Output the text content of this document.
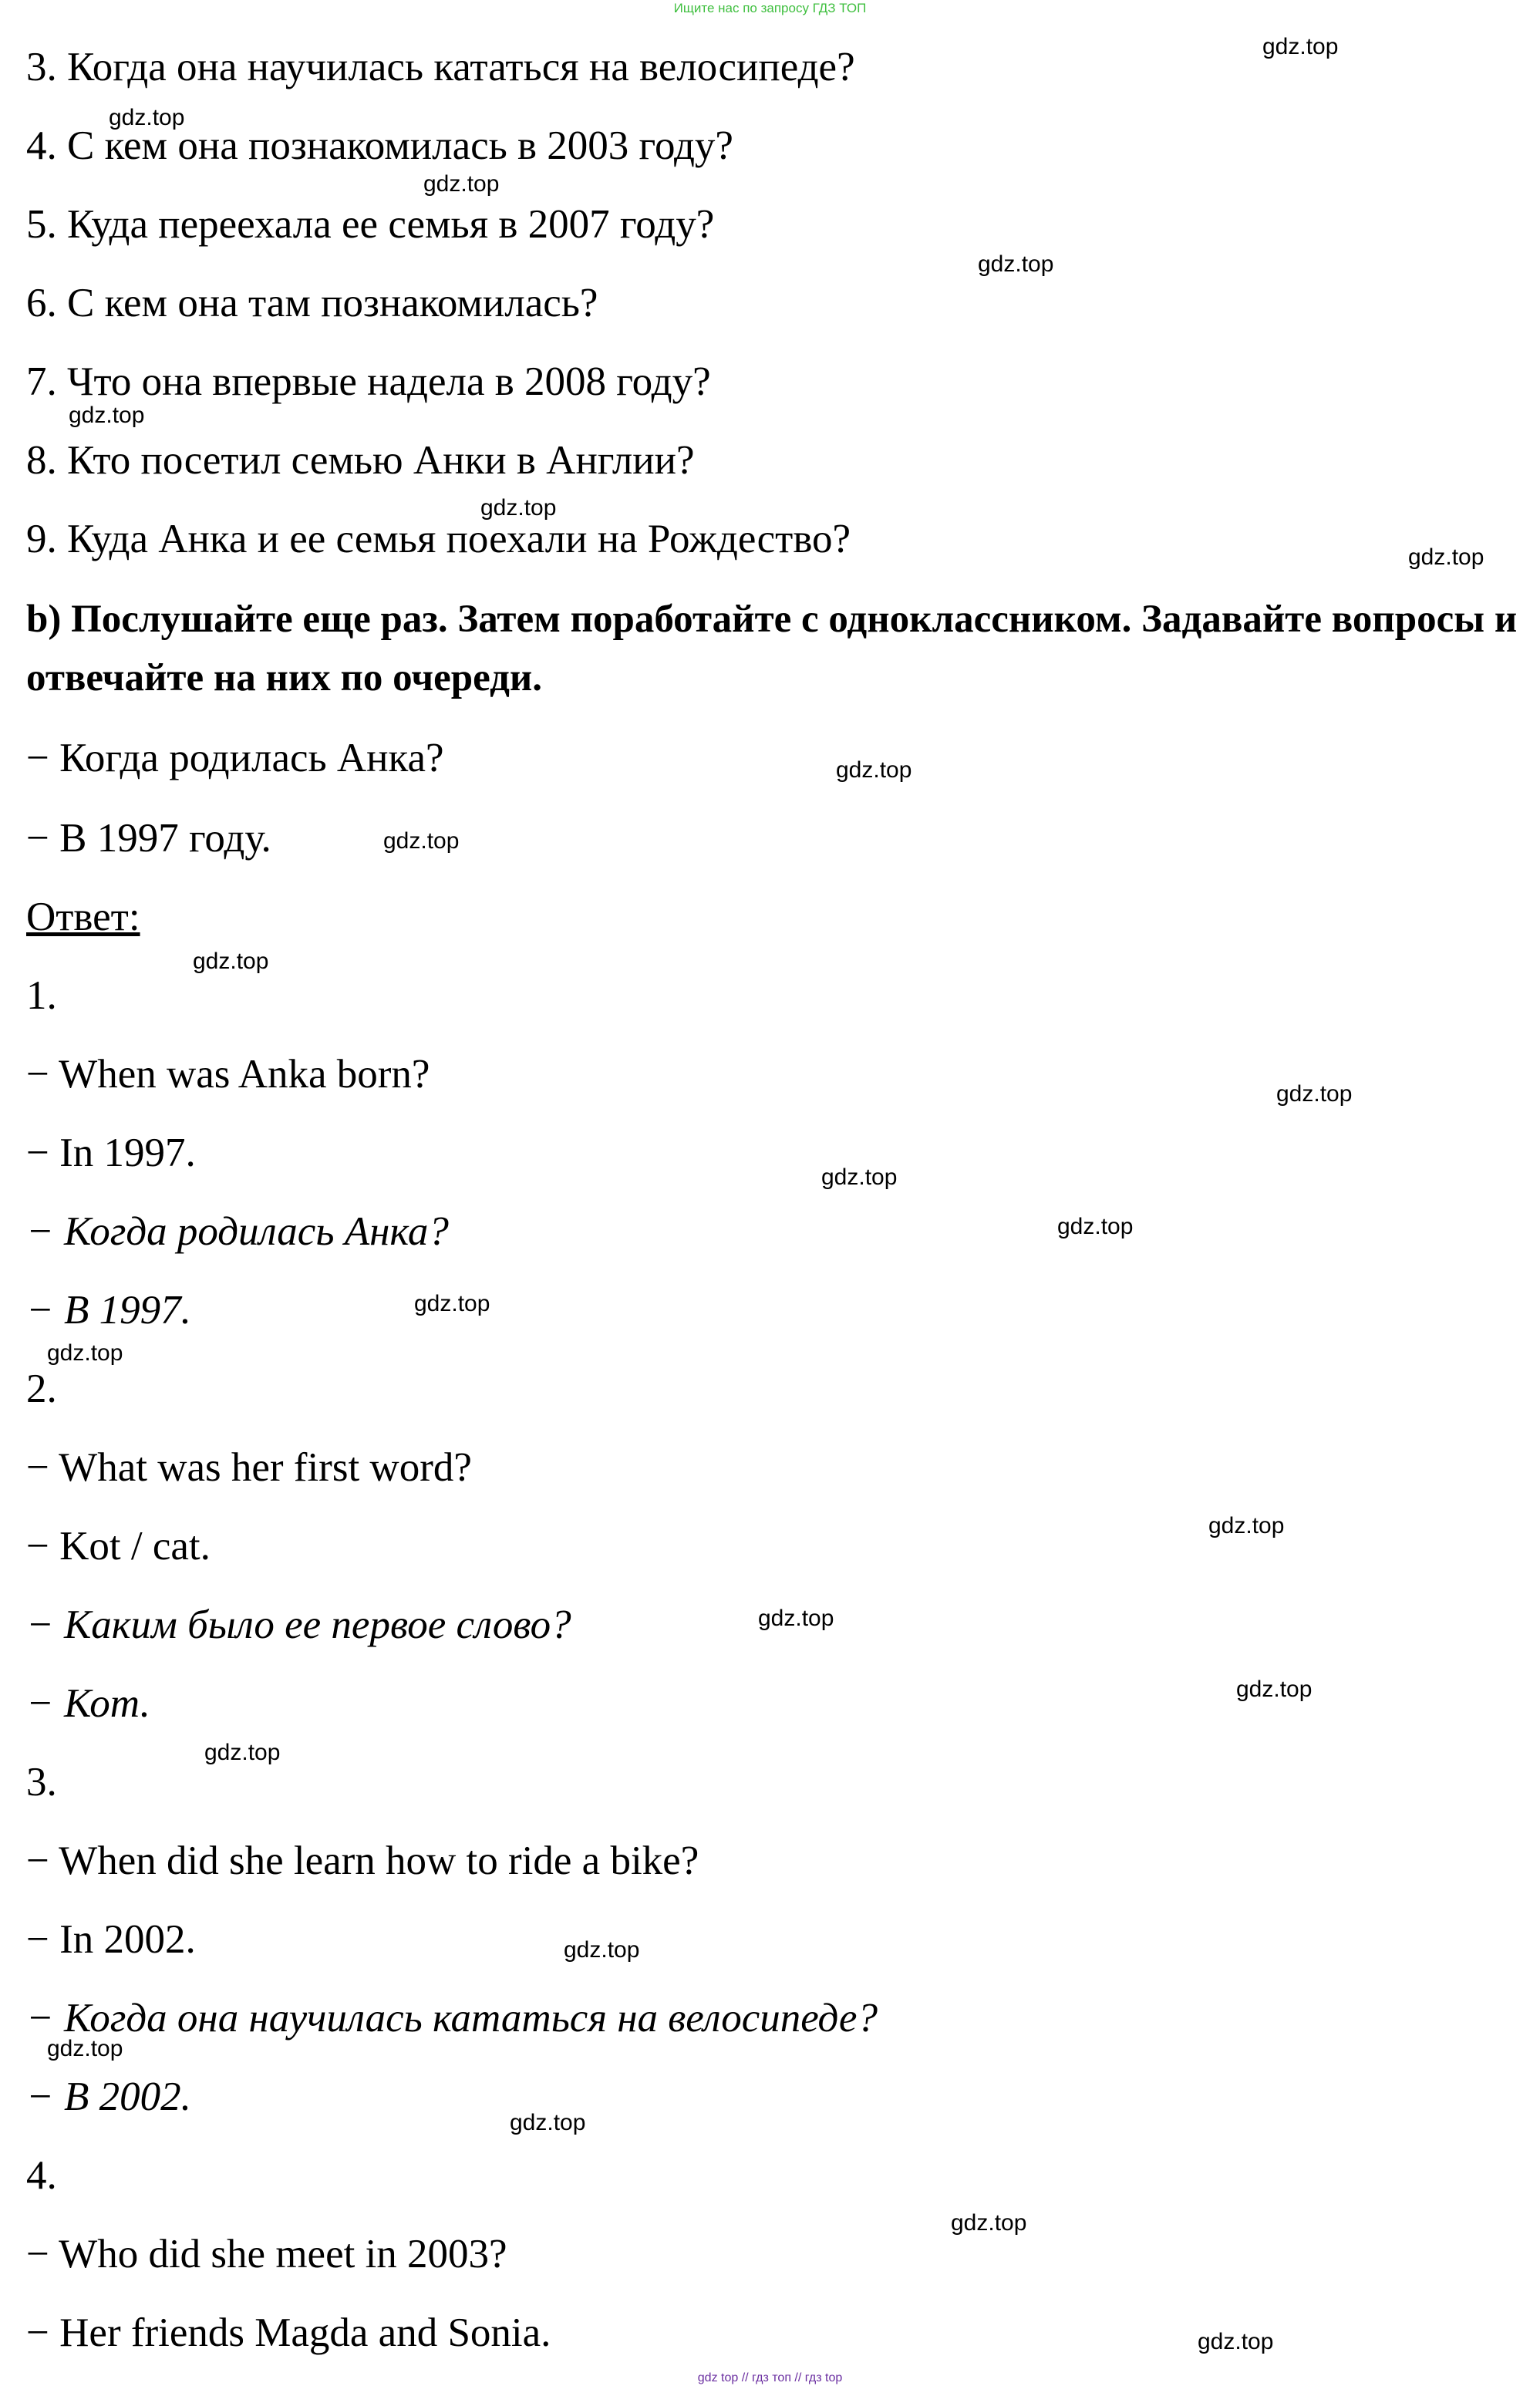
Ищите нас по запросу ГДЗ ТОП
3. Когда она научилась кататься на велосипеде?
4. С кем она познакомилась в 2003 году?
5. Куда переехала ее семья в 2007 году?
6. С кем она там познакомилась?
7. Что она впервые надела в 2008 году?
8. Кто посетил семью Анки в Англии?
9. Куда Анка и ее семья поехали на Рождество?
b) Послушайте еще раз. Затем поработайте с одноклассником. Задавайте вопросы и отвечайте на них по очереди.
− Когда родилась Анка?
− В 1997 году.
Ответ:
1.
− When was Anka born?
− In 1997.
− Когда родилась Анка?
− В 1997.
2.
− What was her first word?
− Kot / cat.
− Каким было ее первое слово?
− Кот.
3.
− When did she learn how to ride a bike?
− In 2002.
− Когда она научилась кататься на велосипеде?
− В 2002.
4.
− Who did she meet in 2003?
− Her friends Magda and Sonia.
gdz.top
gdz.top
gdz.top
gdz.top
gdz.top
gdz.top
gdz.top
gdz.top
gdz.top
gdz.top
gdz.top
gdz.top
gdz.top
gdz.top
gdz.top
gdz.top
gdz.top
gdz.top
gdz.top
gdz.top
gdz.top
gdz.top
gdz.top
gdz.top
gdz top // гдз топ // гдз top
